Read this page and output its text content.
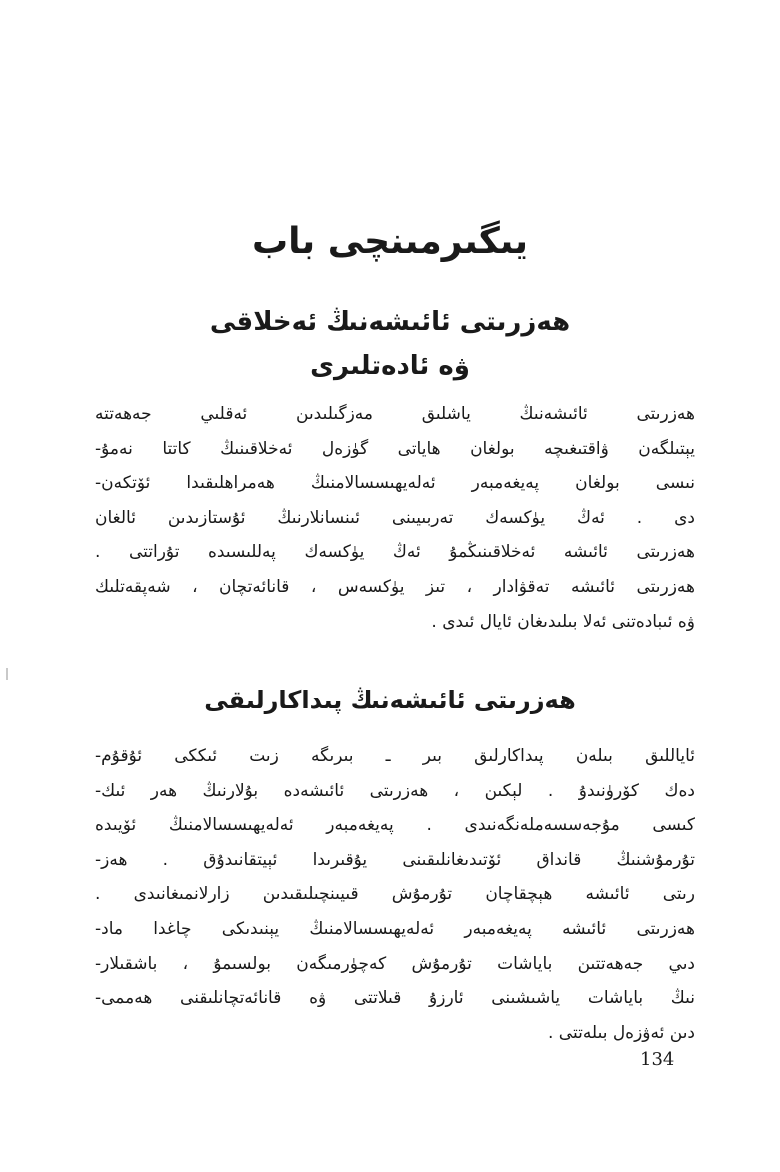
يىگىرمىنچى باب
ھەزرىتى ئائىشەنىڭ ئەخلاقى
ۋە ئادەتلىرى
ھەزرىتى ئائىشەنىڭ ياشلىق مەزگىلىدىن ئەقلىي جەھەتتە
يېتىلگەن ۋاقتىغىچە بولغان ھاياتى گۈزەل ئەخلاقىنىڭ كاتتا نەمۇ-
نىسى بولغان پەيغەمبەر ئەلەيھىسسالامنىڭ ھەمراھلىقىدا ئۆتكەن-
دى . ئەڭ يۈكسەك تەربىيىنى ئىنسانلارنىڭ ئۇستازىدىن ئالغان
ھەزرىتى ئائىشە ئەخلاقىنىڭمۇ ئەڭ يۈكسەك پەللىسىدە تۇراتتى .
ھەزرىتى ئائىشە تەقۋادار ، تىز يۈكسەس ، قانائەتچان ، شەپقەتلىك
ۋە ئىبادەتنى ئەلا بىلىدىغان ئايال ئىدى .
ھەزرىتى ئائىشەنىڭ پىداكارلىقى
ئاياللىق بىلەن پىداكارلىق بىر ـ بىرىگە زىت ئىككى ئۇقۇم-
دەك كۆرۈنىدۇ . لېكىن ، ھەزرىتى ئائىشەدە بۇلارنىڭ ھەر ئىك-
كىسى مۇجەسسەملەنگەنىدى . پەيغەمبەر ئەلەيھىسسالامنىڭ ئۆيىدە
تۇرمۇشنىڭ قانداق ئۆتىدىغانلىقىنى يۇقىرىدا ئېيتقانىدۇق . ھەز-
رىتى ئائىشە ھېچقاچان تۇرمۇش قىيىنچىلىقىدىن زارلانمىغانىدى .
ھەزرىتى ئائىشە پەيغەمبەر ئەلەيھىسسالامنىڭ يېنىدىكى چاغدا ماد-
دىي جەھەتتىن باياشات تۇرمۇش كەچۈرمىگەن بولسىمۇ ، باشقىلار-
نىڭ باياشات ياشىشىنى ئارزۇ قىلاتتى ۋە قانائەتچانلىقنى ھەممى-
دىن ئەۋزەل بىلەتتى .
134
